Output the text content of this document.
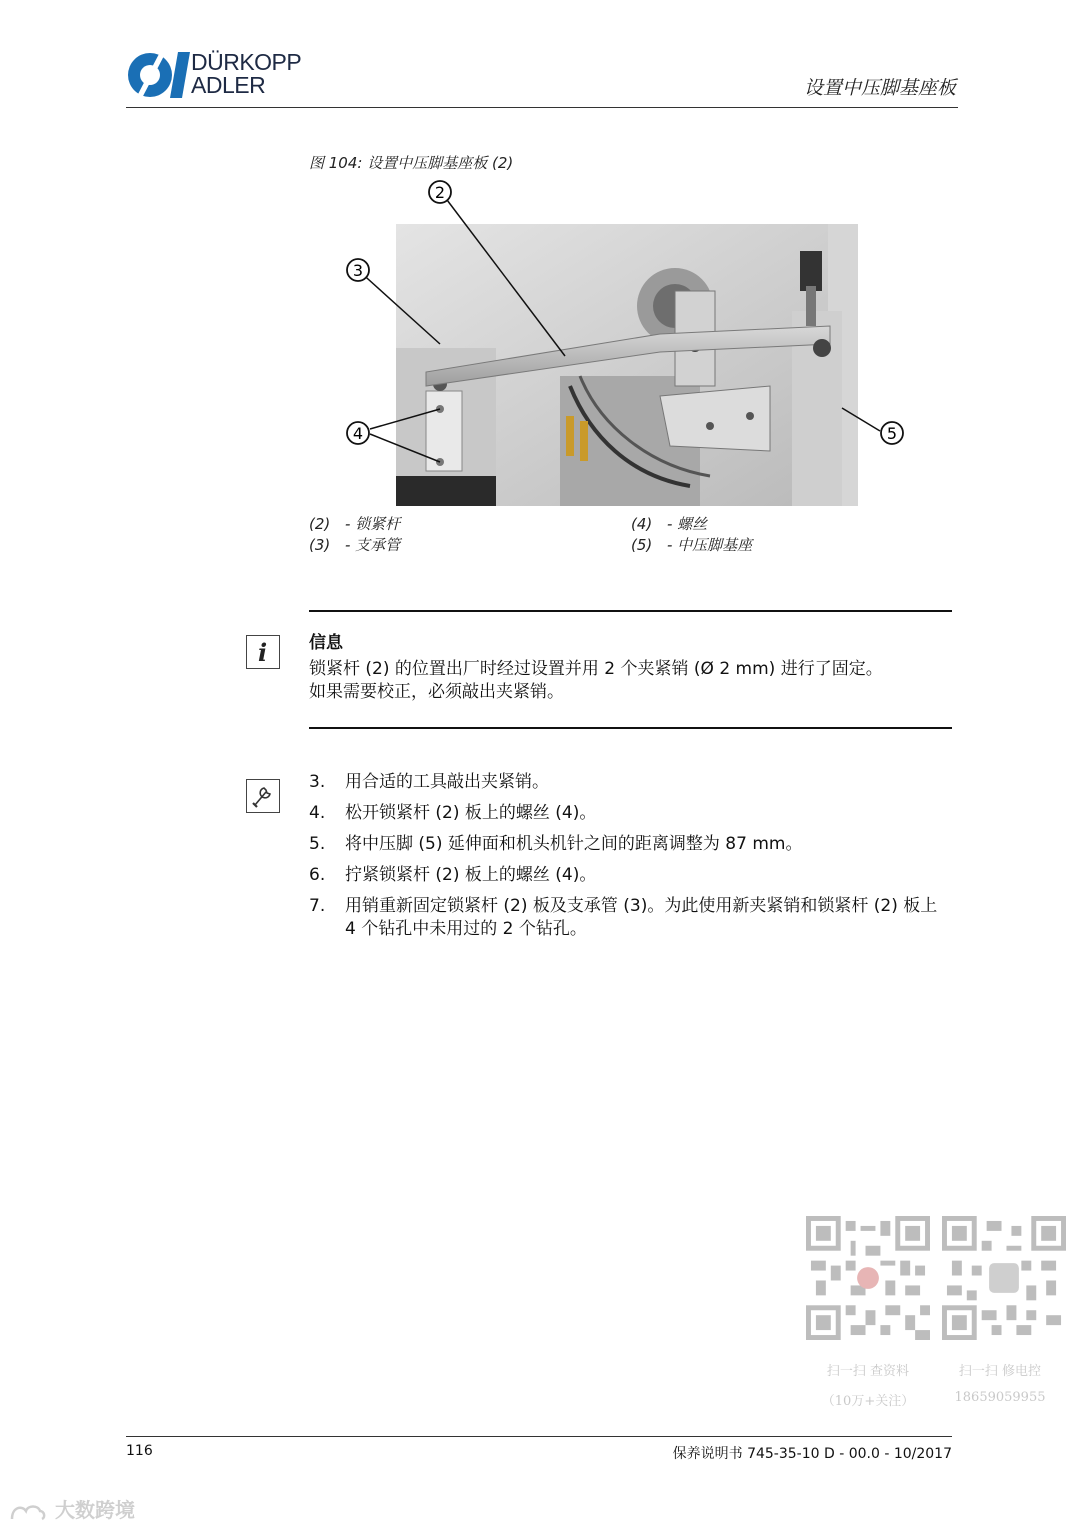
DÜRKOPP
ADLER	设置中压脚基座板
图 104: 设置中压脚基座板 (2)
2
3
4	5
(2) - 锁紧杆
(3) - 支承管
(4) - 螺丝
(5) - 中压脚基座
i 信息
锁紧杆 (2) 的位置出厂时经过设置并用 2 个夹紧销 (Ø 2 mm) 进行了固定。
如果需要校正，必须敲出夹紧销。
3.	用合适的工具敲出夹紧销。
4.	松开锁紧杆 (2) 板上的螺丝 (4)。
5.	将中压脚 (5) 延伸面和机头机针之间的距离调整为 87 mm。
6.	拧紧锁紧杆 (2) 板上的螺丝 (4)。
7.	用销重新固定锁紧杆 (2) 板及支承管 (3)。为此使用新夹紧销和锁紧杆 (2) 板上 4 个钻孔中未用过的 2 个钻孔。
扫一扫 查资料
（10万+关注）
扫一扫 修电控
18659059955
116	保养说明书 745-35-10 D - 00.0 - 10/2017
大数跨境
